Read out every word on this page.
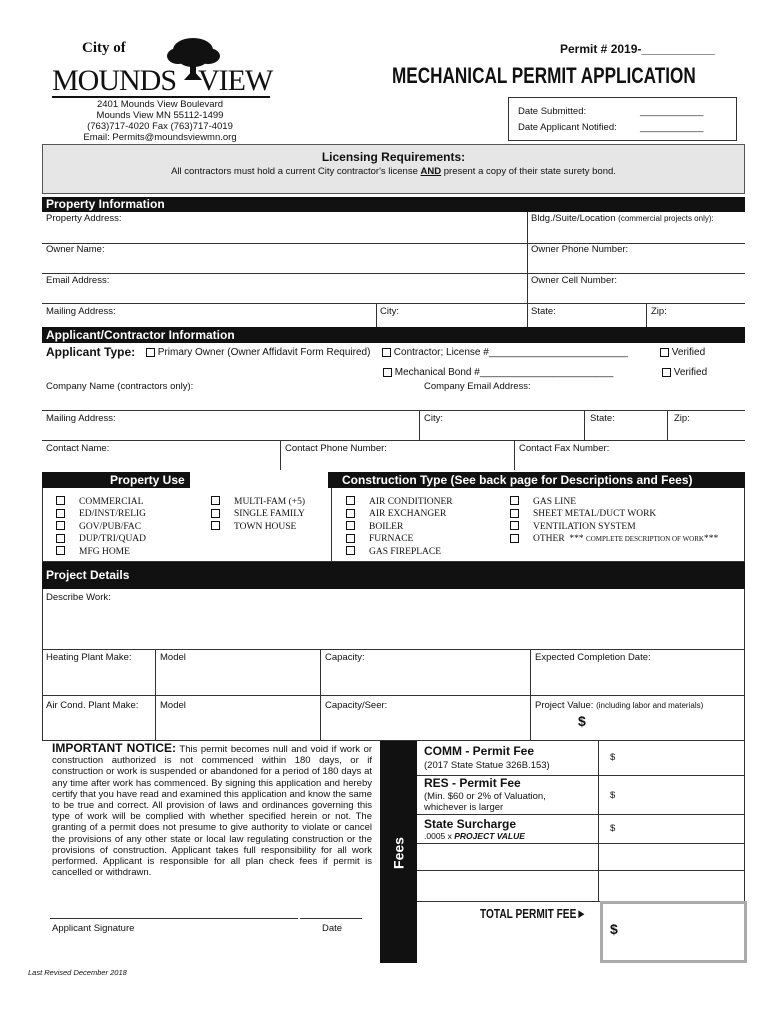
City of
MOUNDS VIEW
2401 Mounds View Boulevard
Mounds View MN 55112-1499
(763)717-4020 Fax (763)717-4019
Email: Permits@moundsviewmn.org
Permit # 2019-___________
MECHANICAL PERMIT APPLICATION
Date Submitted:	____________
Date Applicant Notified: ____________
Licensing Requirements:
All contractors must hold a current City contractor's license AND present a copy of their state surety bond.
Property Information
Property Address:	Bldg./Suite/Location (commercial projects only):
Owner Name:	Owner Phone Number:
Email Address:	Owner Cell Number:
Mailing Address:	City:	State:	Zip:
Applicant/Contractor Information
Applicant Type:	Primary Owner (Owner Affidavit Form Required)	Contractor; License #_________________________	Verified
Mechanical Bond #________________________	Verified
Company Name (contractors only):	Company Email Address:
Mailing Address:	City:	State:	Zip:
Contact Name:	Contact Phone Number:	Contact Fax Number:
Property Use	Construction Type (See back page for Descriptions and Fees)
COMMERCIAL
ED/INST/RELIG
GOV/PUB/FAC
DUP/TRI/QUAD
MFG HOME
MULTI-FAM (+5)
SINGLE FAMILY
TOWN HOUSE
AIR CONDITIONER
AIR EXCHANGER
BOILER
FURNACE
GAS FIREPLACE
GAS LINE
SHEET METAL/DUCT WORK
VENTILATION SYSTEM
OTHER *** COMPLETE DESCRIPTION OF WORK***
Project Details
Describe Work:
Heating Plant Make:	Model	Capacity:	Expected Completion Date:
Air Cond. Plant Make: Model	Capacity/Seer:	Project Value: (including labor and materials)
$
IMPORTANT NOTICE: This permit becomes null and void if work or construction authorized is not commenced within 180 days, or if construction or work is suspended or abandoned for a period of 180 days at any time after work has commenced. By signing this application and hereby certify that you have read and examined this application and know the same to be true and correct. All provision of laws and ordinances governing this type of work will be complied with whether specified herein or not. The granting of a permit does not presume to give authority to violate or cancel the provisions of any other state or local law regulating construction or the provisions of construction. Applicant takes full responsibility for all work performed. Applicant is responsible for all plan check fees if permit is cancelled or withdrawn.
Applicant Signature	Date
Fees
COMM - Permit Fee
(2017 State Statue 326B.153)
$
RES - Permit Fee
(Min. $60 or 2% of Valuation,
whichever is larger
$
State Surcharge
.0005 x PROJECT VALUE
$
TOTAL PERMIT FEE►
$
Last Revised December 2018
